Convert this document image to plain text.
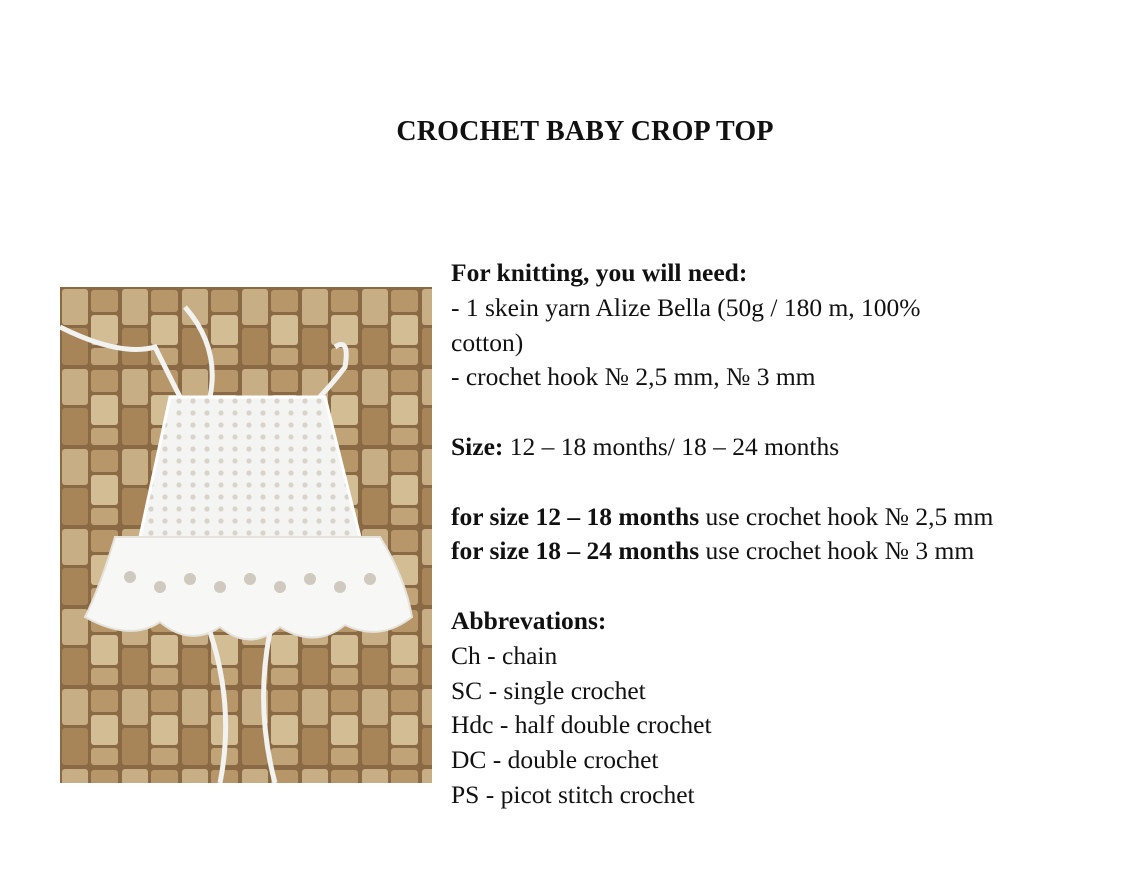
CROCHET BABY CROP TOP

For knitting, you will need:

- 1 skein yarn Alize Bella (50g / 180 m, 100%

cotton)

- crochet hook № 2,5 mm, № 3 mm

Size: 12 – 18 months/ 18 – 24 months

for size 12 – 18 months use crochet hook № 2,5 mm

for size 18 – 24 months use crochet hook № 3 mm

Abbrevations:

Ch - chain

SC - single crochet

Hdc - half double crochet

DC - double crochet

PS - picot stitch crochet
